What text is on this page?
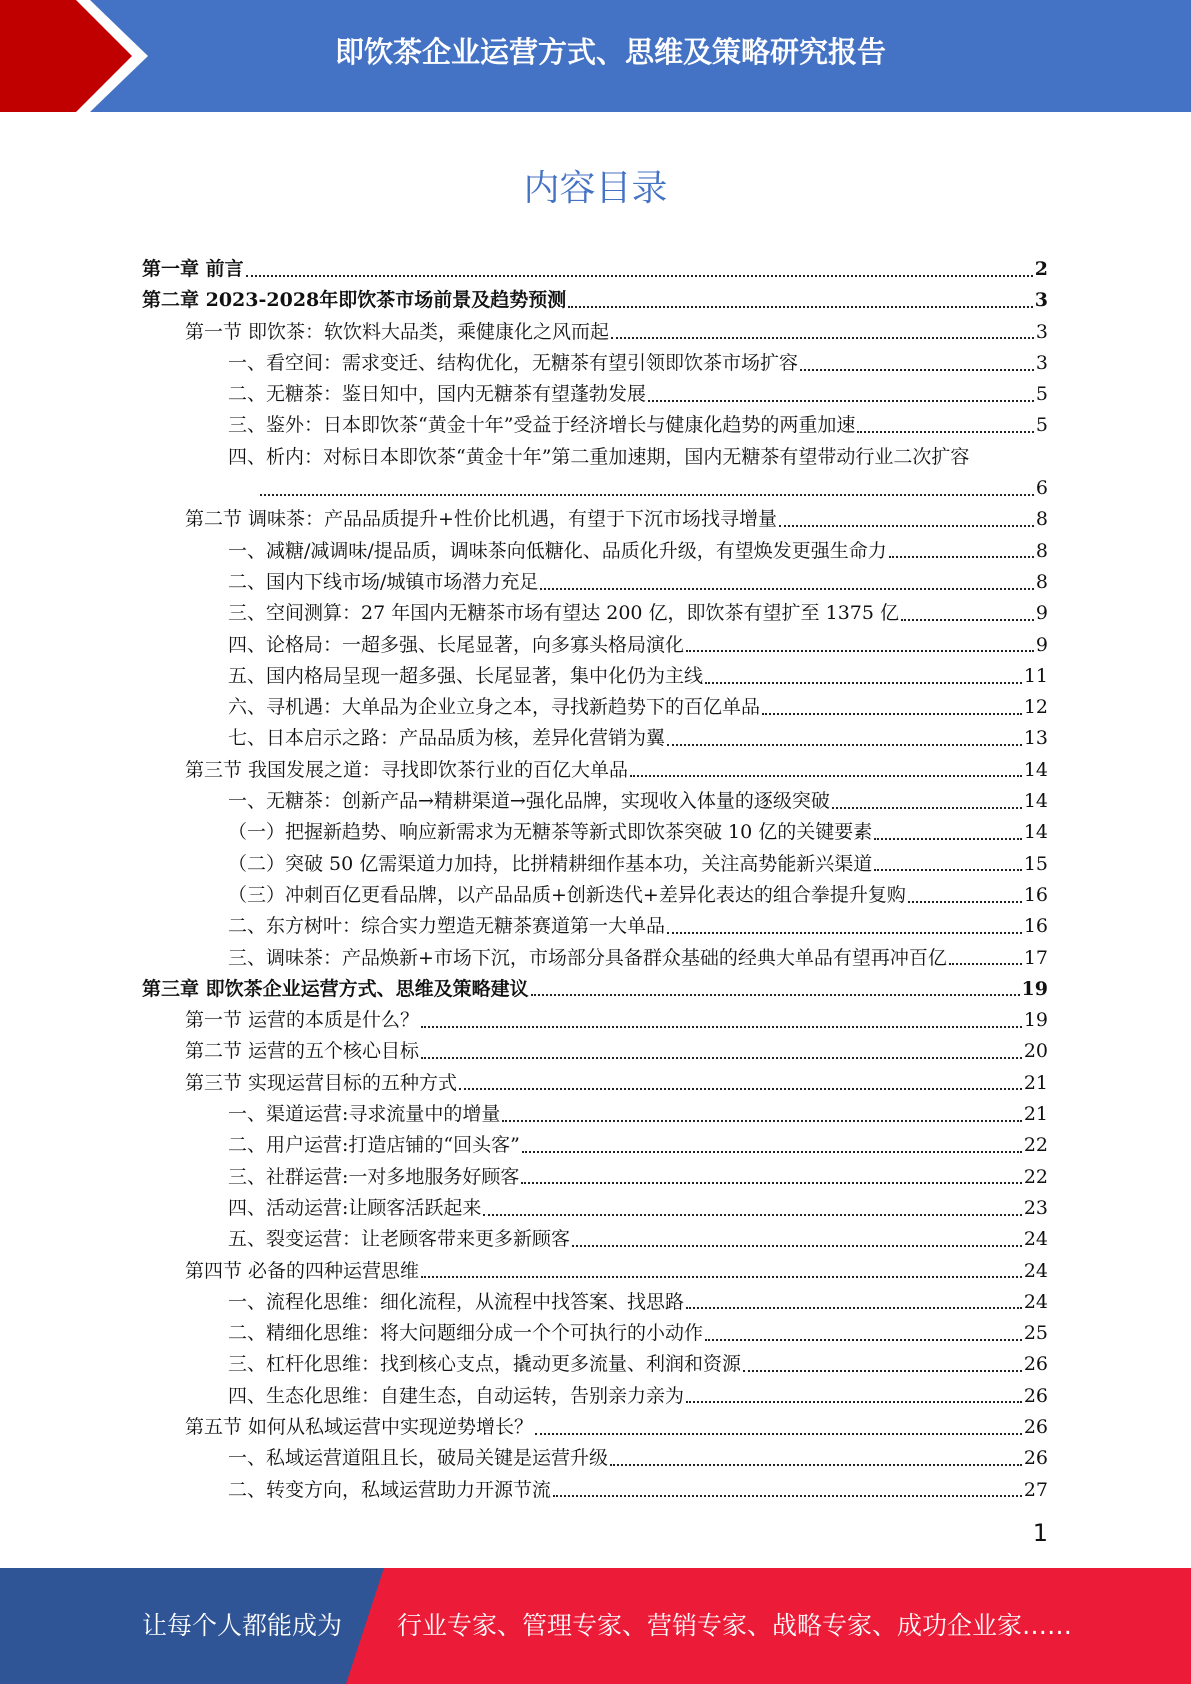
即饮茶企业运营方式、思维及策略研究报告
内容目录
第一章 前言	2
第二章 2023-2028年即饮茶市场前景及趋势预测	3
第一节 即饮茶：软饮料大品类，乘健康化之风而起	3
一、看空间：需求变迁、结构优化，无糖茶有望引领即饮茶市场扩容	3
二、无糖茶：鉴日知中，国内无糖茶有望蓬勃发展	5
三、鉴外：日本即饮茶“黄金十年”受益于经济增长与健康化趋势的两重加速	5
四、析内：对标日本即饮茶“黄金十年”第二重加速期，国内无糖茶有望带动行业二次扩容
6
第二节 调味茶：产品品质提升+性价比机遇，有望于下沉市场找寻增量	8
一、减糖/减调味/提品质，调味茶向低糖化、品质化升级，有望焕发更强生命力	8
二、国内下线市场/城镇市场潜力充足	8
三、空间测算：27 年国内无糖茶市场有望达 200 亿，即饮茶有望扩至 1375 亿	9
四、论格局：一超多强、长尾显著，向多寡头格局演化	9
五、国内格局呈现一超多强、长尾显著，集中化仍为主线	11
六、寻机遇：大单品为企业立身之本，寻找新趋势下的百亿单品	12
七、日本启示之路：产品品质为核，差异化营销为翼	13
第三节 我国发展之道：寻找即饮茶行业的百亿大单品	14
一、无糖茶：创新产品→精耕渠道→强化品牌，实现收入体量的逐级突破	14
（一）把握新趋势、响应新需求为无糖茶等新式即饮茶突破 10 亿的关键要素	14
（二）突破 50 亿需渠道力加持，比拼精耕细作基本功，关注高势能新兴渠道	15
（三）冲刺百亿更看品牌，以产品品质+创新迭代+差异化表达的组合拳提升复购	16
二、东方树叶：综合实力塑造无糖茶赛道第一大单品	16
三、调味茶：产品焕新+市场下沉，市场部分具备群众基础的经典大单品有望再冲百亿	17
第三章 即饮茶企业运营方式、思维及策略建议	19
第一节 运营的本质是什么？	19
第二节 运营的五个核心目标	20
第三节 实现运营目标的五种方式	21
一、渠道运营:寻求流量中的增量	21
二、用户运营:打造店铺的“回头客”	22
三、社群运营:一对多地服务好顾客	22
四、活动运营:让顾客活跃起来	23
五、裂变运营：让老顾客带来更多新顾客	24
第四节 必备的四种运营思维	24
一、流程化思维：细化流程，从流程中找答案、找思路	24
二、精细化思维：将大问题细分成一个个可执行的小动作	25
三、杠杆化思维：找到核心支点，撬动更多流量、利润和资源	26
四、生态化思维：自建生态，自动运转，告别亲力亲为	26
第五节 如何从私域运营中实现逆势增长？	26
一、私域运营道阻且长，破局关键是运营升级	26
二、转变方向，私域运营助力开源节流	27
1
让每个人都能成为 行业专家、管理专家、营销专家、战略专家、成功企业家……
